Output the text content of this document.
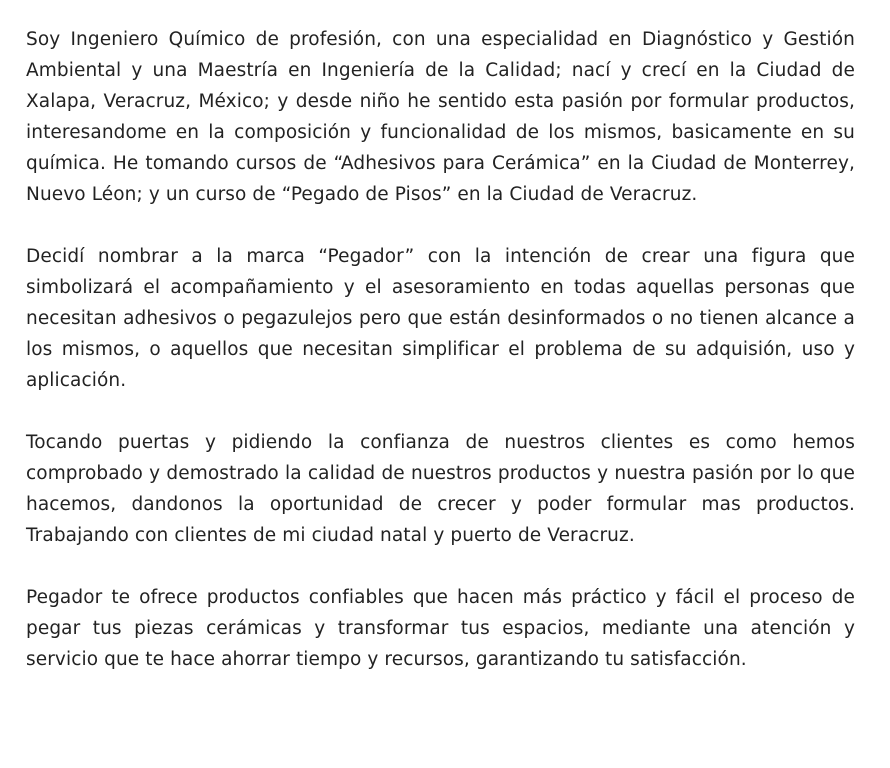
Soy Ingeniero Químico de profesión, con una especialidad en Diagnóstico y Gestión Ambiental y una Maestría en Ingeniería de la Calidad; nací y crecí en la Ciudad de Xalapa, Veracruz, México; y desde niño he sentido esta pasión por formular productos, interesandome en la composición y funcionalidad de los mismos, basicamente en su química. He tomando cursos de “Adhesivos para Cerámica” en la Ciudad de Monterrey, Nuevo Léon; y un curso de “Pegado de Pisos” en la Ciudad de Veracruz.

Decidí nombrar a la marca “Pegador” con la intención de crear una figura que simbolizará el acompañamiento y el asesoramiento en todas aquellas personas que necesitan adhesivos o pegazulejos pero que están desinformados o no tienen alcance a los mismos, o aquellos que necesitan simplificar el problema de su adquisión, uso y aplicación.

Tocando puertas y pidiendo la confianza de nuestros clientes es como hemos comprobado y demostrado la calidad de nuestros productos y nuestra pasión por lo que hacemos, dandonos la oportunidad de crecer y poder formular mas productos. Trabajando con clientes de mi ciudad natal y puerto de Veracruz.

Pegador te ofrece productos confiables que hacen más práctico y fácil el proceso de pegar tus piezas cerámicas y transformar tus espacios, mediante una atención y servicio que te hace ahorrar tiempo y recursos, garantizando tu satisfacción.
